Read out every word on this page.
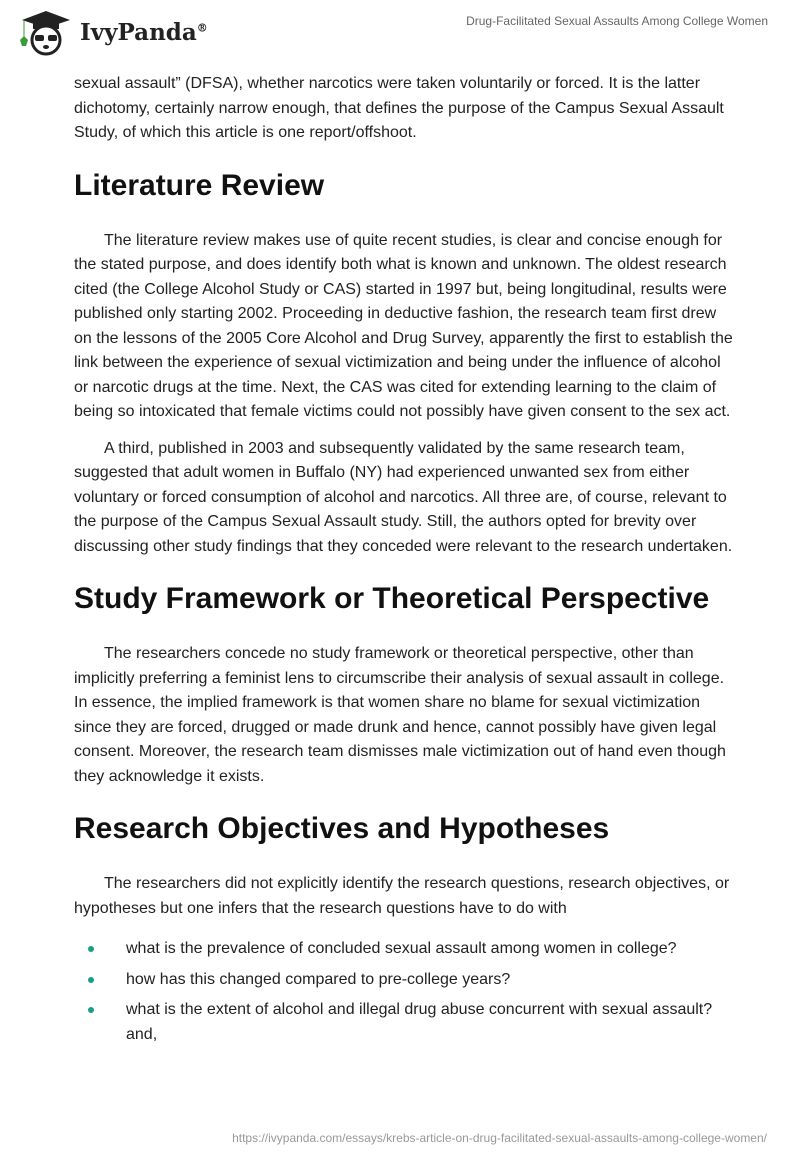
IvyPanda®	Drug-Facilitated Sexual Assaults Among College Women

sexual assault” (DFSA), whether narcotics were taken voluntarily or forced. It is the latter dichotomy, certainly narrow enough, that defines the purpose of the Campus Sexual Assault Study, of which this article is one report/offshoot.

Literature Review

The literature review makes use of quite recent studies, is clear and concise enough for the stated purpose, and does identify both what is known and unknown. The oldest research cited (the College Alcohol Study or CAS) started in 1997 but, being longitudinal, results were published only starting 2002. Proceeding in deductive fashion, the research team first drew on the lessons of the 2005 Core Alcohol and Drug Survey, apparently the first to establish the link between the experience of sexual victimization and being under the influence of alcohol or narcotic drugs at the time. Next, the CAS was cited for extending learning to the claim of being so intoxicated that female victims could not possibly have given consent to the sex act.

A third, published in 2003 and subsequently validated by the same research team, suggested that adult women in Buffalo (NY) had experienced unwanted sex from either voluntary or forced consumption of alcohol and narcotics. All three are, of course, relevant to the purpose of the Campus Sexual Assault study. Still, the authors opted for brevity over discussing other study findings that they conceded were relevant to the research undertaken.

Study Framework or Theoretical Perspective

The researchers concede no study framework or theoretical perspective, other than implicitly preferring a feminist lens to circumscribe their analysis of sexual assault in college. In essence, the implied framework is that women share no blame for sexual victimization since they are forced, drugged or made drunk and hence, cannot possibly have given legal consent. Moreover, the research team dismisses male victimization out of hand even though they acknowledge it exists.

Research Objectives and Hypotheses

The researchers did not explicitly identify the research questions, research objectives, or hypotheses but one infers that the research questions have to do with

what is the prevalence of concluded sexual assault among women in college?
how has this changed compared to pre-college years?
what is the extent of alcohol and illegal drug abuse concurrent with sexual assault? and,
https://ivypanda.com/essays/krebs-article-on-drug-facilitated-sexual-assaults-among-college-women/
